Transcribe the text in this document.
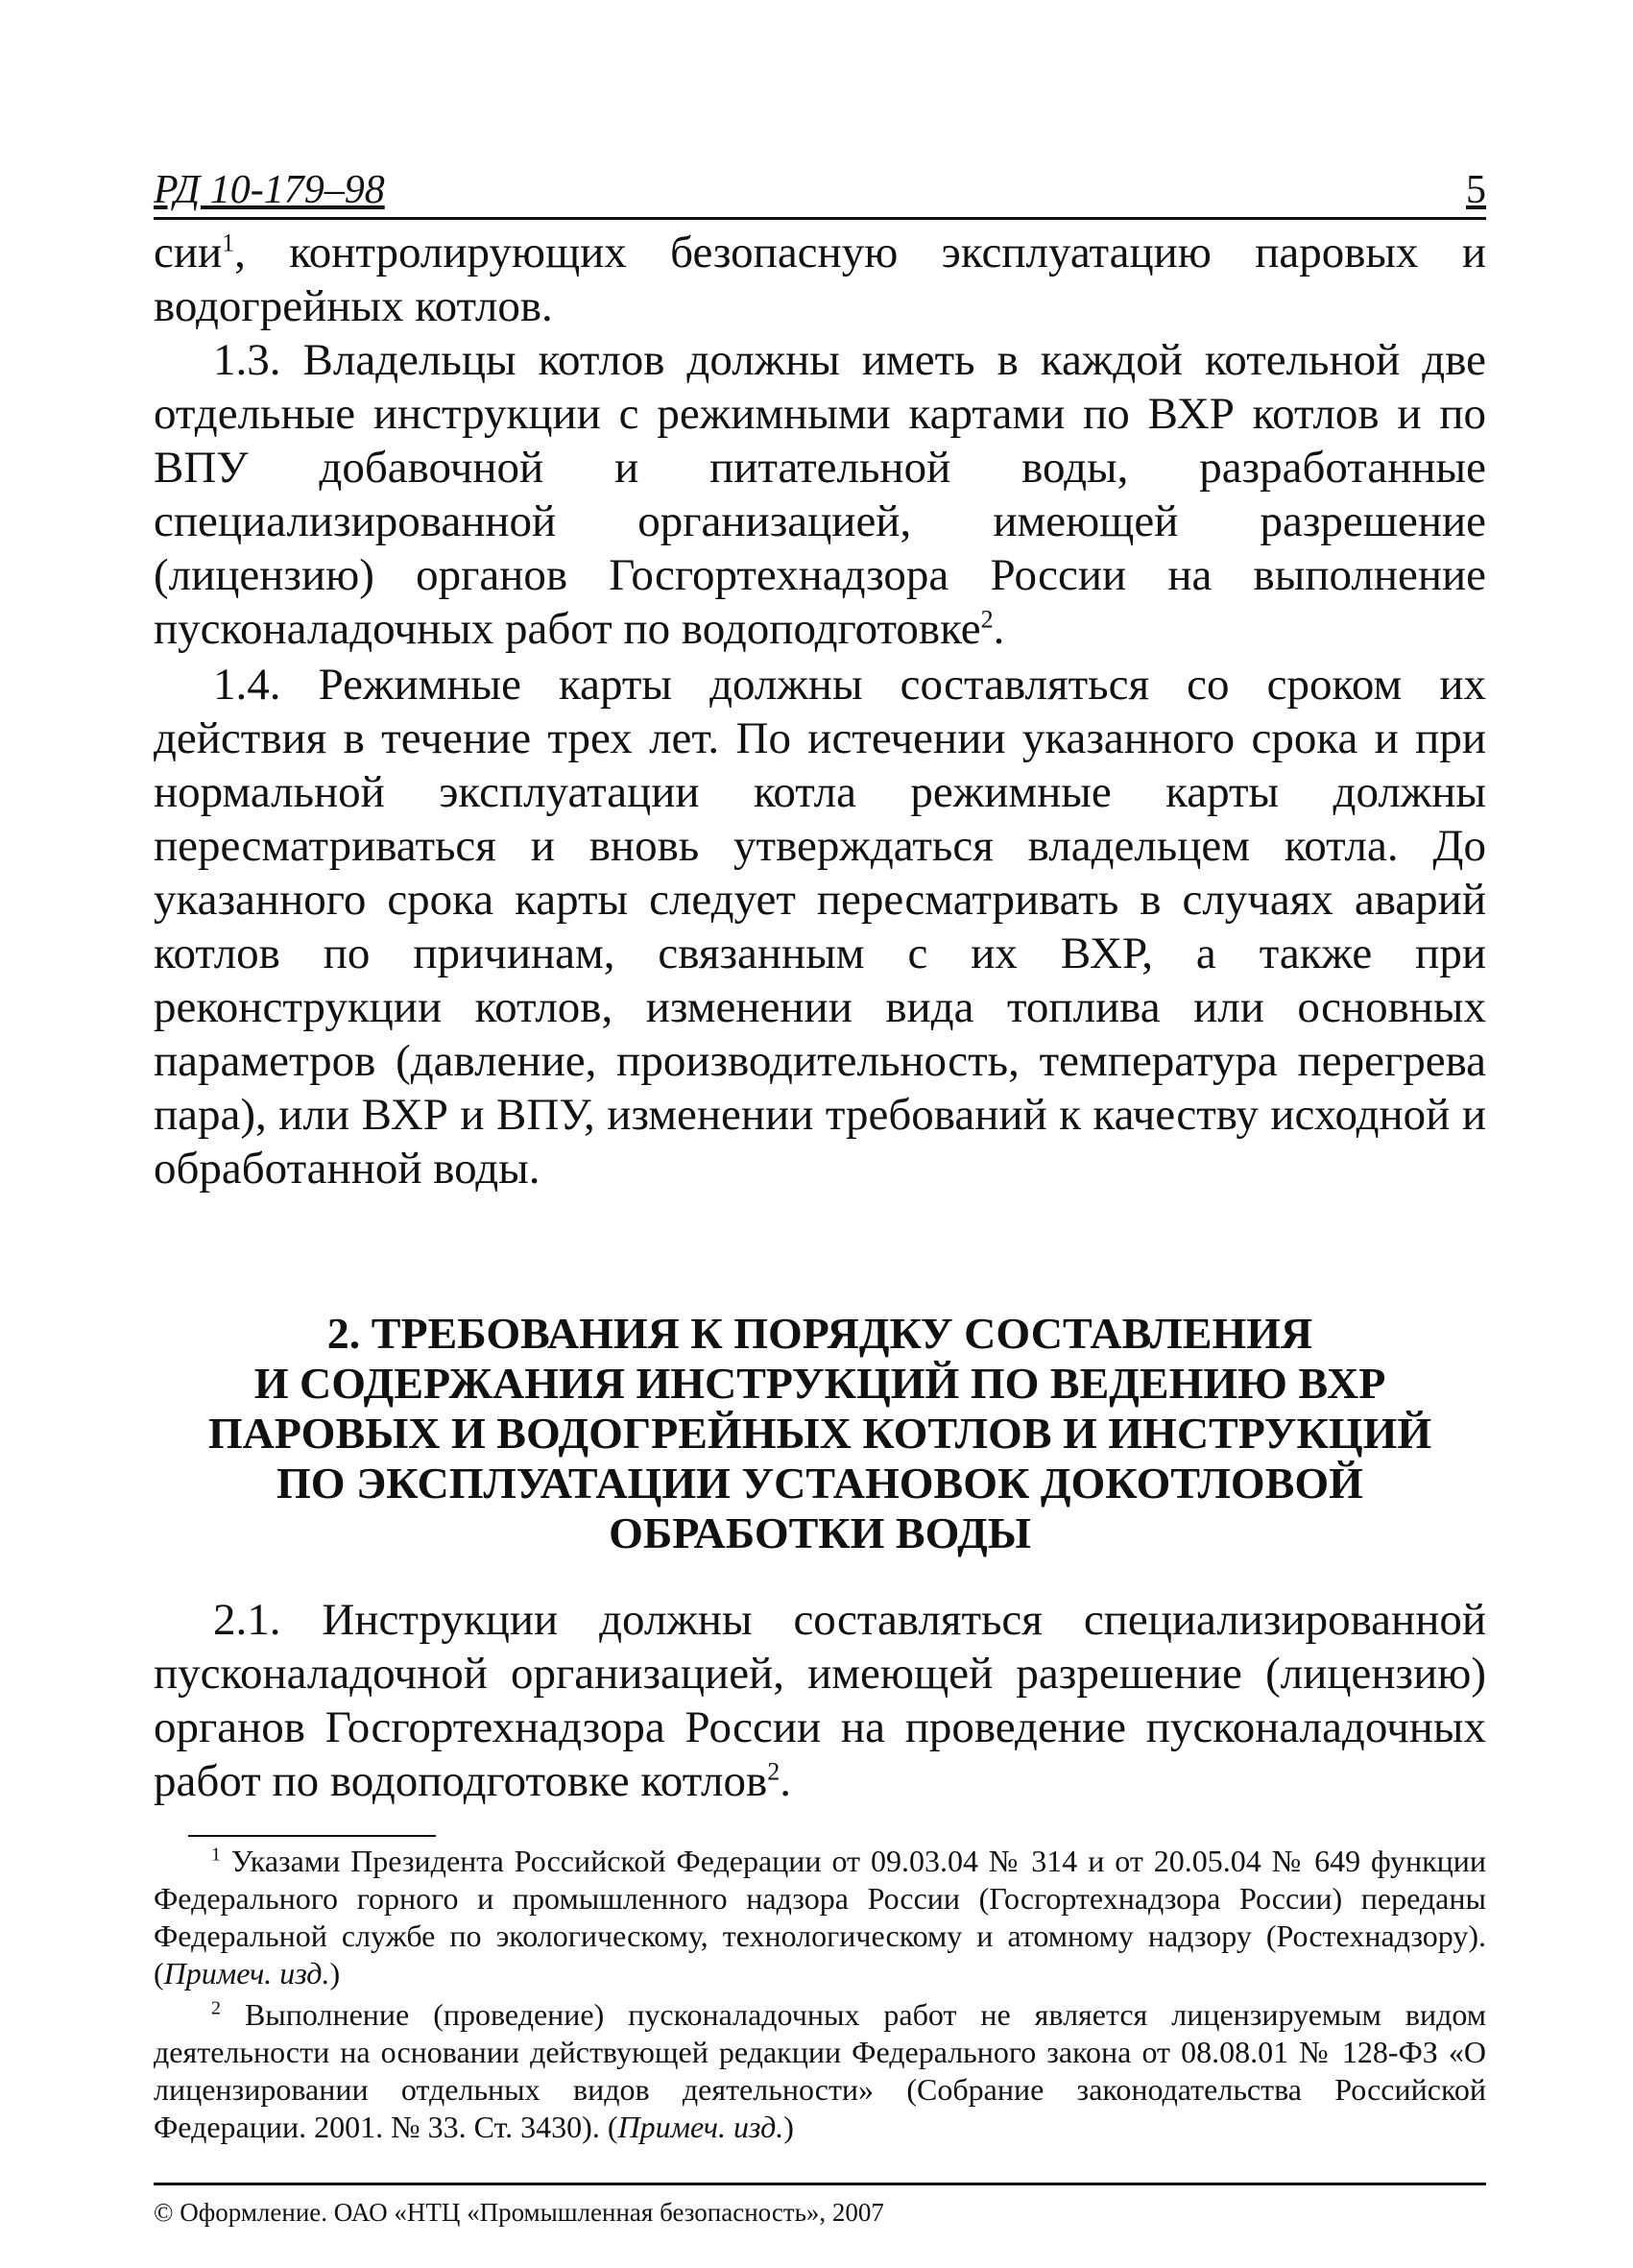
РД 10-179–98	5

сии$^1$, контролирующих безопасную эксплуатацию паровых и водогрейных котлов.

1.3. Владельцы котлов должны иметь в каждой котельной две отдельные инструкции с режимными картами по ВХР котлов и по ВПУ добавочной и питательной воды, разработанные специализированной организацией, имеющей разрешение (лицензию) органов Госгортехнадзора России на выполнение пусконаладочных работ по водоподготовке$^2$.

1.4. Режимные карты должны составляться со сроком их действия в течение трех лет. По истечении указанного срока и при нормальной эксплуатации котла режимные карты должны пересматриваться и вновь утверждаться владельцем котла. До указанного срока карты следует пересматривать в случаях аварий котлов по причинам, связанным с их ВХР, а также при реконструкции котлов, изменении вида топлива или основных параметров (давление, производительность, температура перегрева пара), или ВХР и ВПУ, изменении требований к качеству исходной и обработанной воды.

2. ТРЕБОВАНИЯ К ПОРЯДКУ СОСТАВЛЕНИЯ
И СОДЕРЖАНИЯ ИНСТРУКЦИЙ ПО ВЕДЕНИЮ ВХР
ПАРОВЫХ И ВОДОГРЕЙНЫХ КОТЛОВ И ИНСТРУКЦИЙ
ПО ЭКСПЛУАТАЦИИ УСТАНОВОК ДОКОТЛОВОЙ
ОБРАБОТКИ ВОДЫ

2.1. Инструкции должны составляться специализированной пусконаладочной организацией, имеющей разрешение (лицензию) органов Госгортехнадзора России на проведение пусконаладочных работ по водоподготовке котлов$^2$.

$^1$ Указами Президента Российской Федерации от 09.03.04 № 314 и от 20.05.04 № 649 функции Федерального горного и промышленного надзора России (Госгортехнадзора России) переданы Федеральной службе по экологическому, технологическому и атомному надзору (Ростехнадзору). (Примеч. изд.)

$^2$ Выполнение (проведение) пусконаладочных работ не является лицензируемым видом деятельности на основании действующей редакции Федерального закона от 08.08.01 № 128-ФЗ «О лицензировании отдельных видов деятельности» (Собрание законодательства Российской Федерации. 2001. № 33. Ст. 3430). (Примеч. изд.)

© Оформление. ОАО «НТЦ «Промышленная безопасность», 2007
